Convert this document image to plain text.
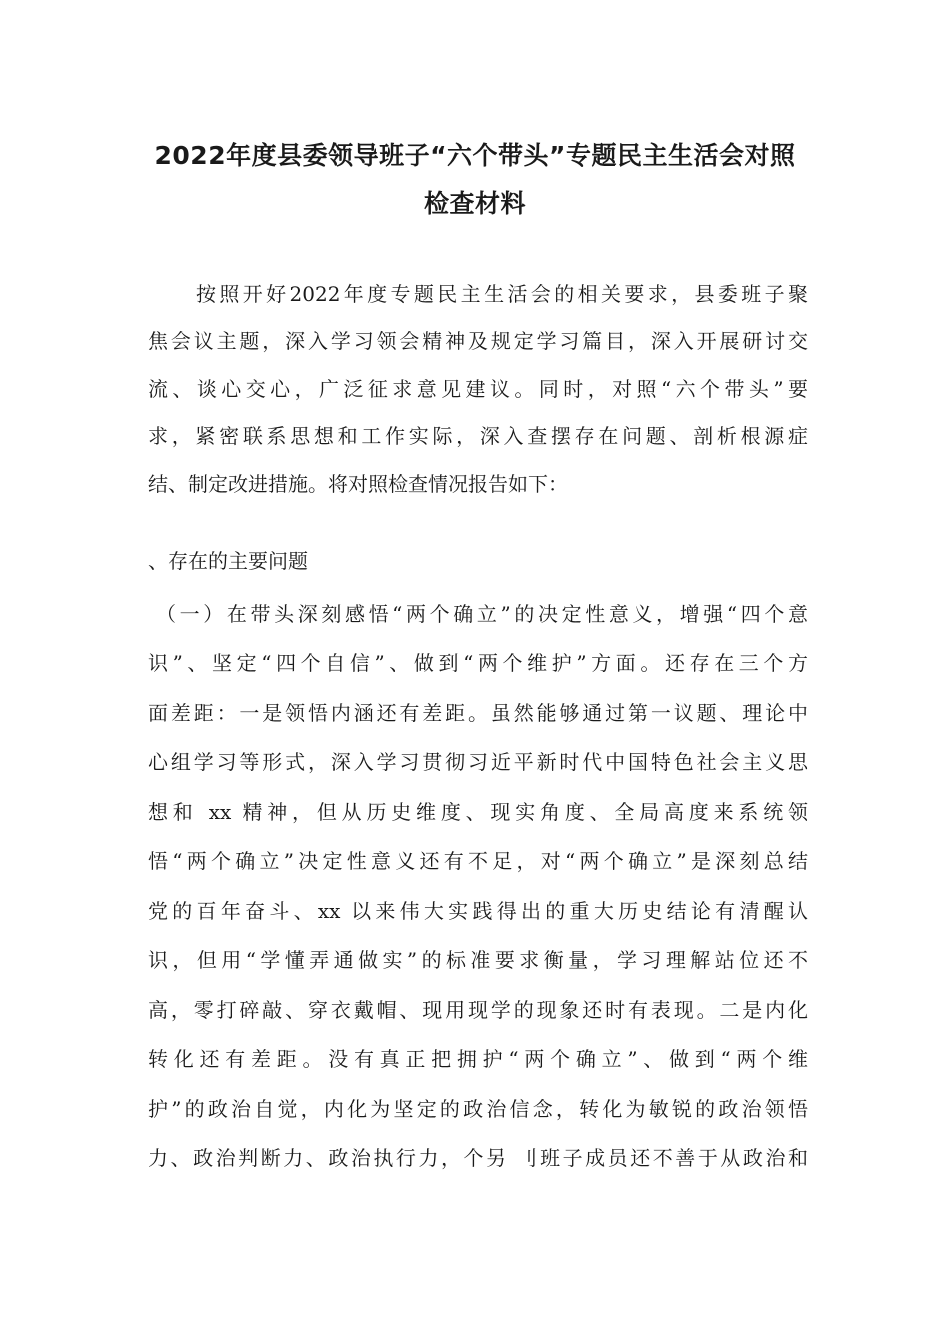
2022年度县委领导班子“六个带头”专题民主生活会对照
检查材料
按照开好2022年度专题民主生活会的相关要求，县委班子聚
焦会议主题，深入学习领会精神及规定学习篇目，深入开展研讨交
流、谈心交心，广泛征求意见建议。同时，对照“六个带头”要
求，紧密联系思想和工作实际，深入查摆存在问题、剖析根源症
结、制定改进措施。将对照检查情况报告如下：
、存在的主要问题
（一）在带头深刻感悟“两个确立”的决定性意义，增强“四个意
识”、坚定“四个自信”、做到“两个维护”方面。还存在三个方
面差距：一是领悟内涵还有差距。虽然能够通过第一议题、理论中
心组学习等形式，深入学习贯彻习近平新时代中国特色社会主义思
想和 xx 精神，但从历史维度、现实角度、全局高度来系统领
悟“两个确立”决定性意义还有不足，对“两个确立”是深刻总结
党的百年奋斗、xx 以来伟大实践得出的重大历史结论有清醒认
识，但用“学懂弄通做实”的标准要求衡量，学习理解站位还不
高，零打碎敲、穿衣戴帽、现用现学的现象还时有表现。二是内化
转化还有差距。没有真正把拥护“两个确立”、做到“两个维
护”的政治自觉，内化为坚定的政治信念，转化为敏锐的政治领悟
力、政治判断力、政治执行力，个另 刂班子成员还不善于从政治和
